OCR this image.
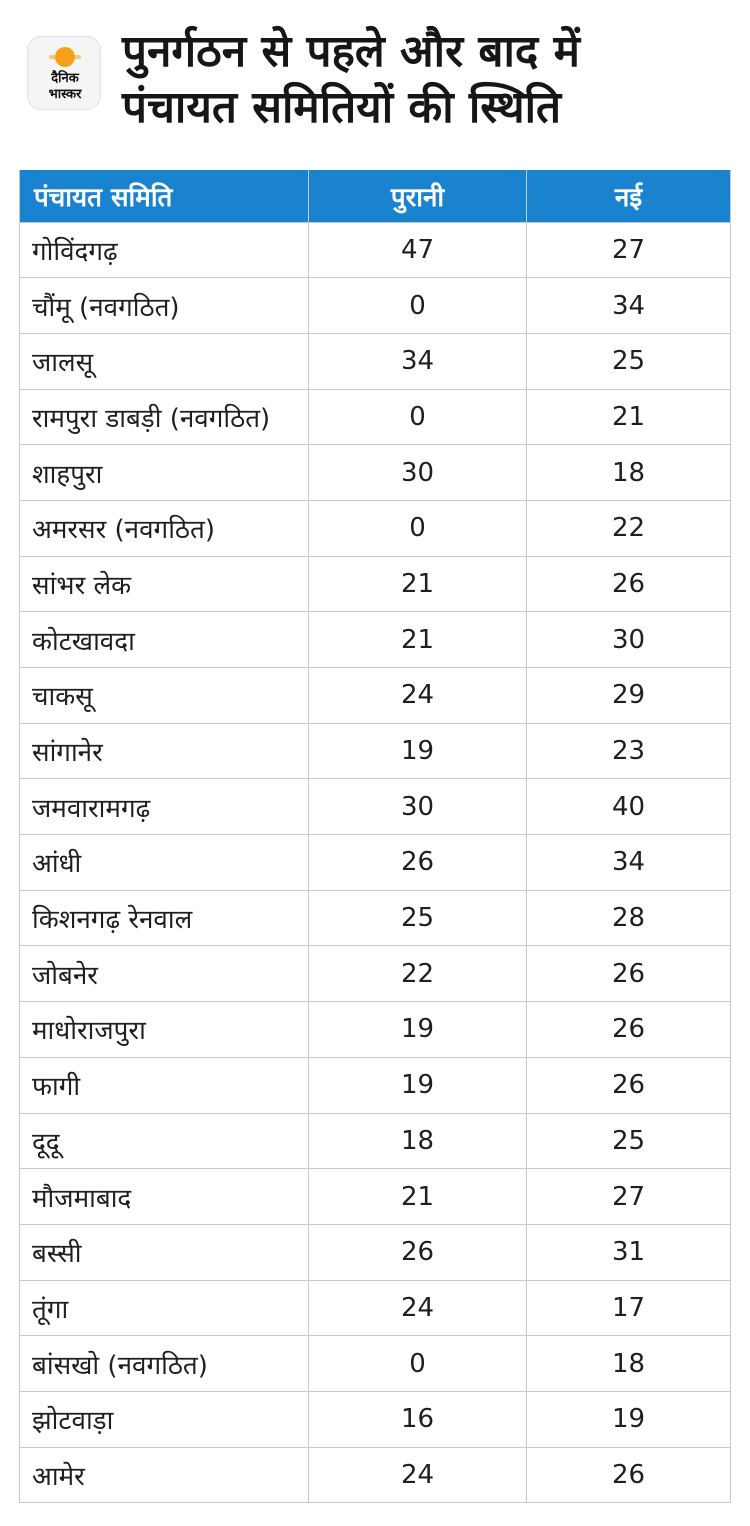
दैनिक
भास्कर
पुनर्गठन से पहले और बाद में
पंचायत समितियों की स्थिति
पंचायत समिति	पुरानी	नई
गोविंदगढ़	47	27
चौंमू (नवगठित)	0	34
जालसू	34	25
रामपुरा डाबड़ी (नवगठित)	0	21
शाहपुरा	30	18
अमरसर (नवगठित)	0	22
सांभर लेक	21	26
कोटखावदा	21	30
चाकसू	24	29
सांगानेर	19	23
जमवारामगढ़	30	40
आंधी	26	34
किशनगढ़ रेनवाल	25	28
जोबनेर	22	26
माधोराजपुरा	19	26
फागी	19	26
दूदू	18	25
मौजमाबाद	21	27
बस्सी	26	31
तूंगा	24	17
बांसखो (नवगठित)	0	18
झोटवाड़ा	16	19
आमेर	24	26
